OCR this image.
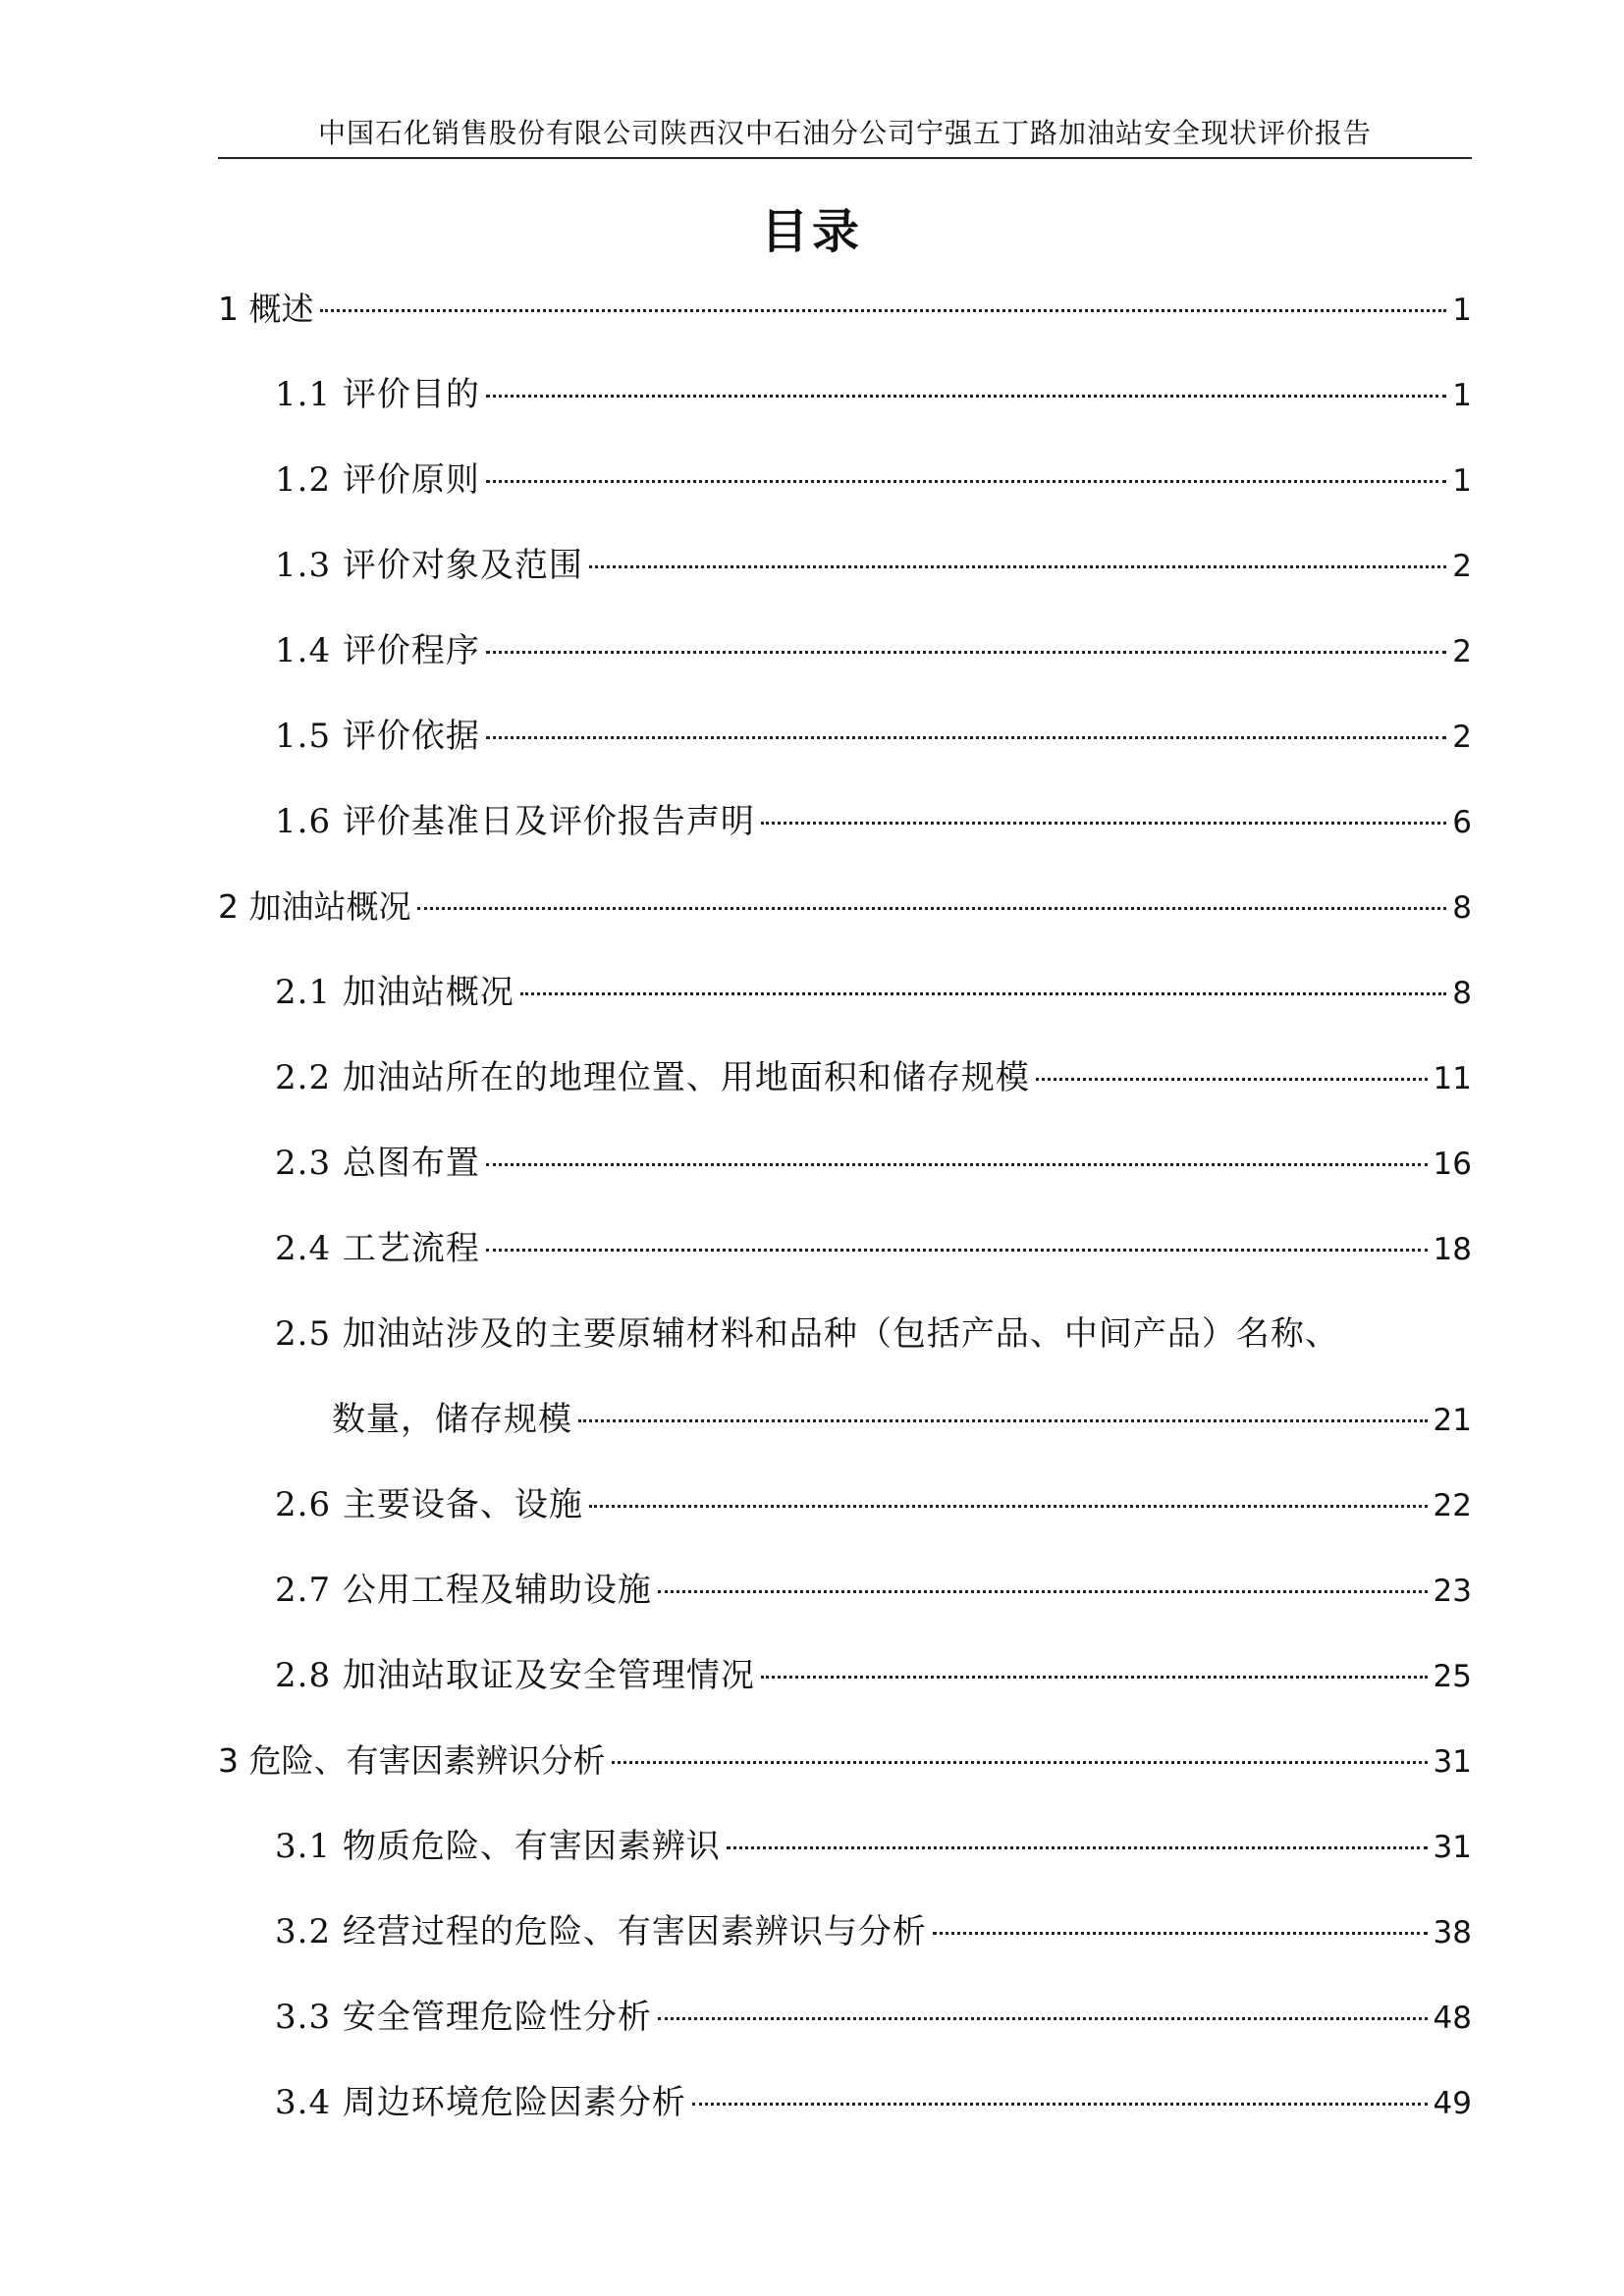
中国石化销售股份有限公司陕西汉中石油分公司宁强五丁路加油站安全现状评价报告
目录
1 概述	1
1.1 评价目的	1
1.2 评价原则	1
1.3 评价对象及范围	2
1.4 评价程序	2
1.5 评价依据	2
1.6 评价基准日及评价报告声明	6
2 加油站概况	8
2.1 加油站概况	8
2.2 加油站所在的地理位置、用地面积和储存规模	11
2.3 总图布置	16
2.4 工艺流程	18
2.5 加油站涉及的主要原辅材料和品种（包括产品、中间产品）名称、
数量，储存规模	21
2.6 主要设备、设施	22
2.7 公用工程及辅助设施	23
2.8 加油站取证及安全管理情况	25
3 危险、有害因素辨识分析	31
3.1 物质危险、有害因素辨识	31
3.2 经营过程的危险、有害因素辨识与分析	38
3.3 安全管理危险性分析	48
3.4 周边环境危险因素分析	49
